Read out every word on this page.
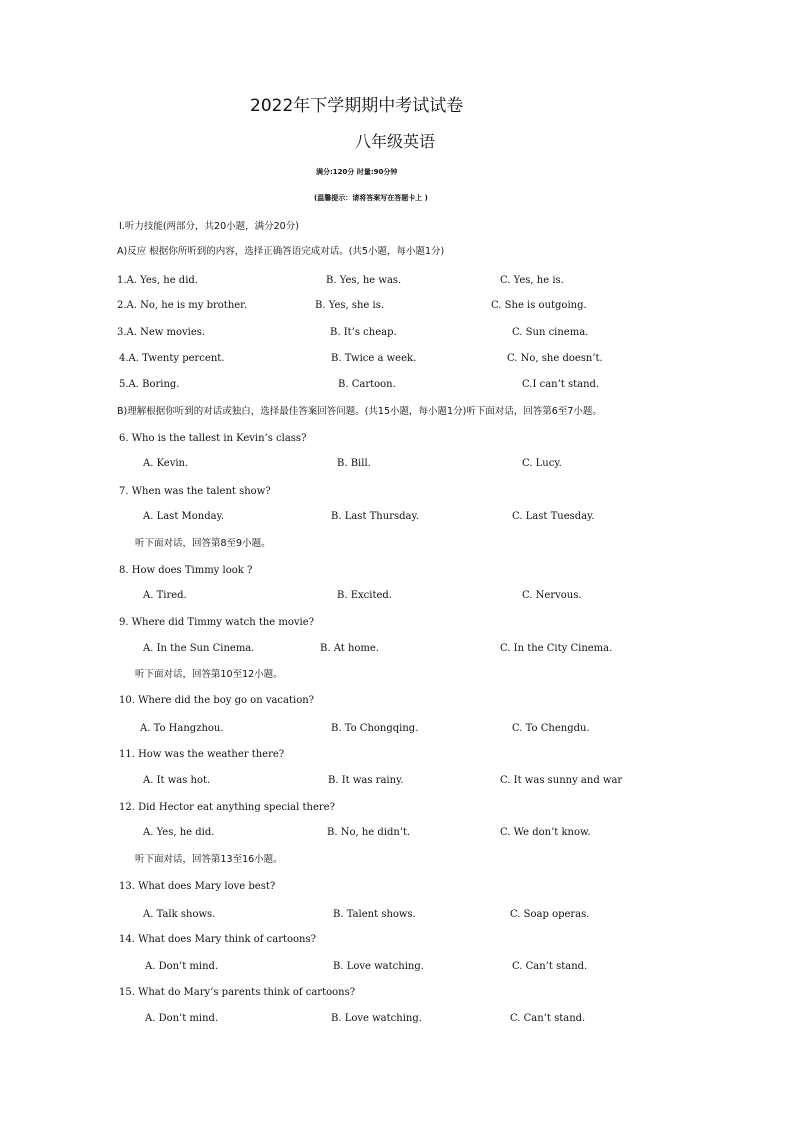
2022年下学期期中考试试卷
八年级英语
满分:120分 时量:90分钟
(温馨提示：请将答案写在答题卡上 )
Ⅰ.听力技能(两部分，共20小题，满分20分)
A)反应 根据你所听到的内容，选择正确答语完成对话。(共5小题，每小题1分)
1.A. Yes, he did.	B. Yes, he was.	C. Yes, he is.
2.A. No, he is my brother.	B. Yes, she is.	C. She is outgoing.
3.A. New movies.	B. It’s cheap.	C. Sun cinema.
4.A. Twenty percent.	B. Twice a week.	C. No, she doesn’t.
5.A. Boring.	B. Cartoon.	C.I can’t stand.
B)理解根据你听到的对话或独白，选择最佳答案回答问题。(共15小题，每小题1分)听下面对话，回答第6至7小题。
6. Who is the tallest in Kevin’s class?
A. Kevin.	B. Bill.	C. Lucy.
7. When was the talent show?
A. Last Monday.	B. Last Thursday.	C. Last Tuesday.
听下面对话，回答第8至9小题。
8. How does Timmy look ?
A. Tired.	B. Excited.	C. Nervous.
9. Where did Timmy watch the movie?
A. In the Sun Cinema.	B. At home.	C. In the City Cinema.
听下面对话，回答第10至12小题。
10. Where did the boy go on vacation?
A. To Hangzhou.	B. To Chongqing.	C. To Chengdu.
11. How was the weather there?
A. It was hot.	B. It was rainy.	C. It was sunny and war
12. Did Hector eat anything special there?
A. Yes, he did.	B. No, he didn’t.	C. We don’t know.
听下面对话，回答第13至16小题。
13. What does Mary love best?
A. Talk shows.	B. Talent shows.	C. Soap operas.
14. What does Mary think of cartoons?
A. Don’t mind.	B. Love watching.	C. Can’t stand.
15. What do Mary’s parents think of cartoons?
A. Don’t mind.	B. Love watching.	C. Can’t stand.
